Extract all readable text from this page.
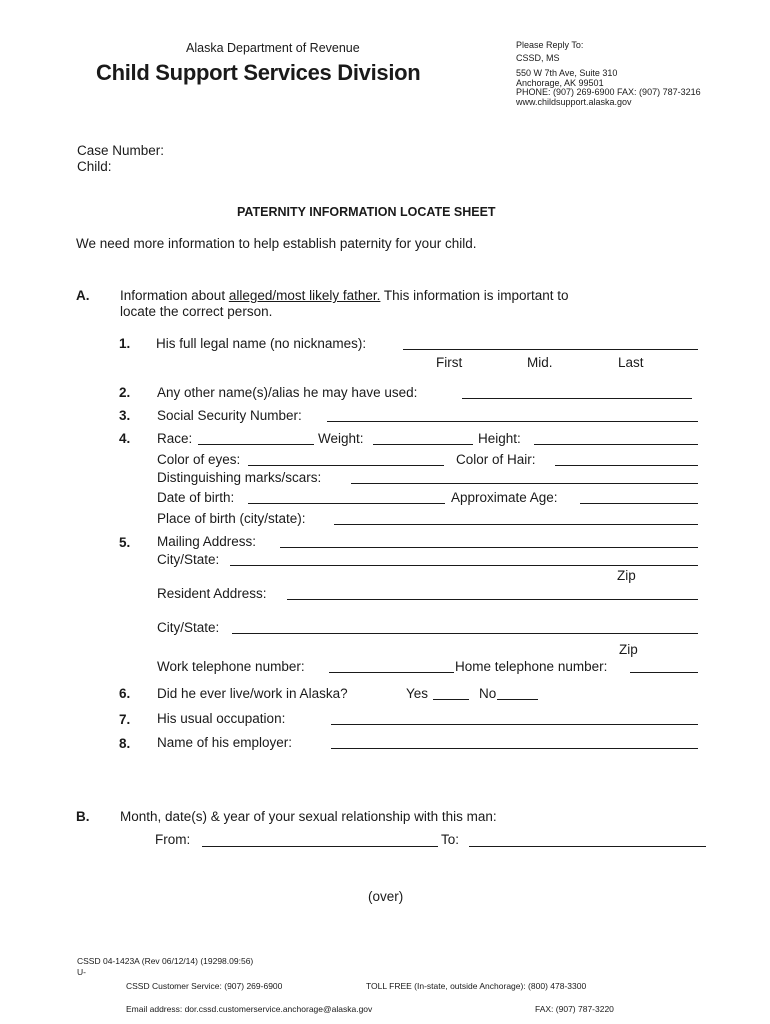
Alaska Department of Revenue
Child Support Services Division
Please Reply To:
CSSD, MS
550 W 7th Ave, Suite 310
Anchorage, AK 99501
PHONE: (907) 269-6900 FAX: (907) 787-3216
www.childsupport.alaska.gov
Case Number:
Child:
PATERNITY INFORMATION LOCATE SHEET
We need more information to help establish paternity for your child.
A. Information about alleged/most likely father. This information is important to
locate the correct person.
1. His full legal name (no nicknames):
First	Mid.	Last
2. Any other name(s)/alias he may have used:
3. Social Security Number:
4. Race:	Weight:	Height:
Color of eyes:	Color of Hair:
Distinguishing marks/scars:
Date of birth:	Approximate Age:
Place of birth (city/state):
5. Mailing Address:
City/State:
Zip
Resident Address:
City/State:
Zip
Work telephone number:	Home telephone number:
6. Did he ever live/work in Alaska?	Yes	No
7. His usual occupation:
8. Name of his employer:
B. Month, date(s) & year of your sexual relationship with this man:
From:	To:
(over)
CSSD 04-1423A (Rev 06/12/14) (19298.09:56)
U-
CSSD Customer Service: (907) 269-6900	TOLL FREE (In-state, outside Anchorage): (800) 478-3300
Email address: dor.cssd.customerservice.anchorage@alaska.gov	FAX: (907) 787-3220
